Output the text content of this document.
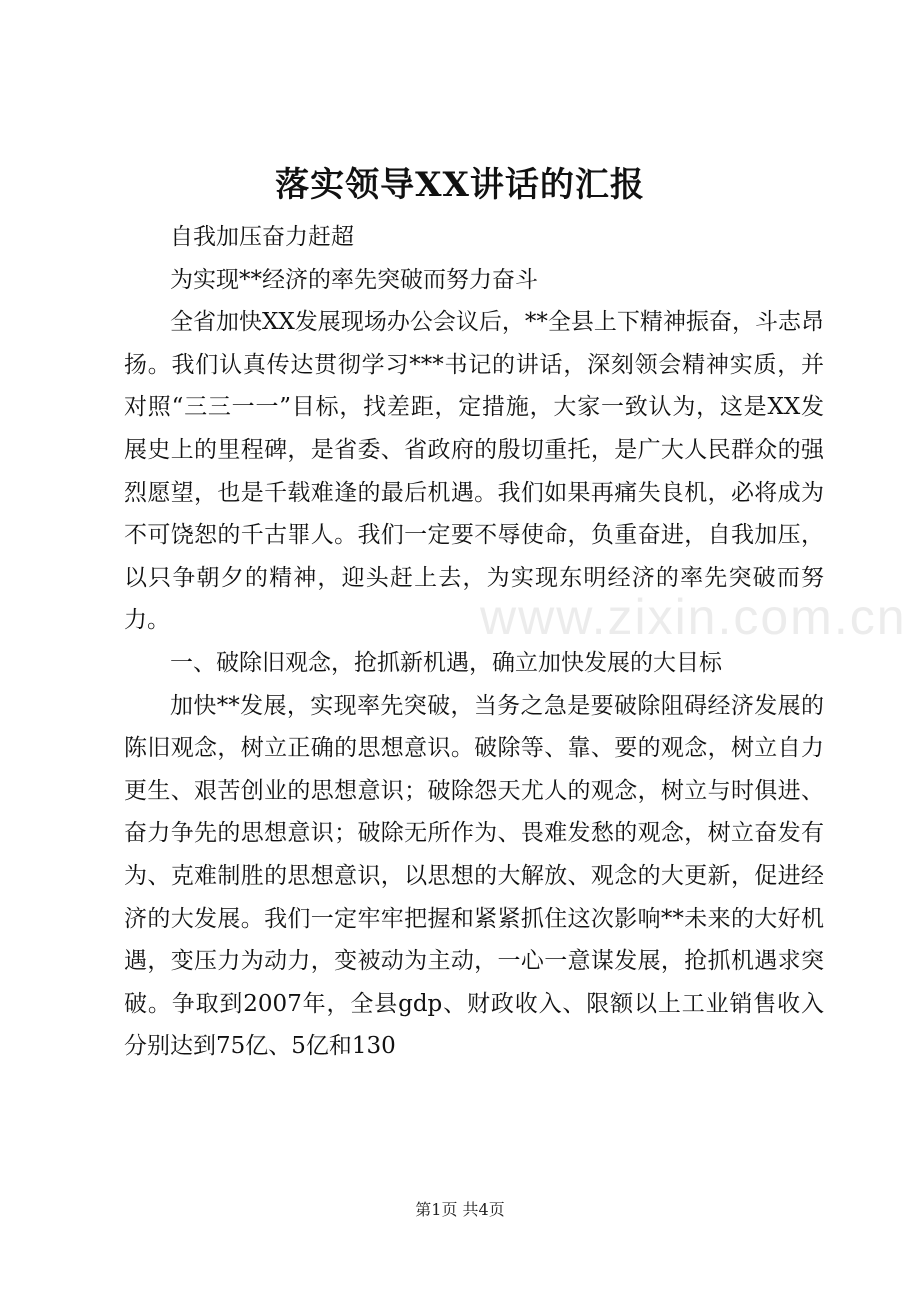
落实领导XX讲话的汇报

自我加压奋力赶超

为实现**经济的率先突破而努力奋斗

全省加快XX发展现场办公会议后，**全县上下精神振奋，斗志昂扬。我们认真传达贯彻学习***书记的讲话，深刻领会精神实质，并对照“三三一一”目标，找差距，定措施，大家一致认为，这是XX发展史上的里程碑，是省委、省政府的殷切重托，是广大人民群众的强烈愿望，也是千载难逢的最后机遇。我们如果再痛失良机，必将成为不可饶恕的千古罪人。我们一定要不辱使命，负重奋进，自我加压，以只争朝夕的精神，迎头赶上去，为实现东明经济的率先突破而努力。

一、破除旧观念，抢抓新机遇，确立加快发展的大目标

加快**发展，实现率先突破，当务之急是要破除阻碍经济发展的陈旧观念，树立正确的思想意识。破除等、靠、要的观念，树立自力更生、艰苦创业的思想意识；破除怨天尤人的观念，树立与时俱进、奋力争先的思想意识；破除无所作为、畏难发愁的观念，树立奋发有为、克难制胜的思想意识，以思想的大解放、观念的大更新，促进经济的大发展。我们一定牢牢把握和紧紧抓住这次影响**未来的大好机遇，变压力为动力，变被动为主动，一心一意谋发展，抢抓机遇求突破。争取到2007年，全县gdp、财政收入、限额以上工业销售收入分别达到75亿、5亿和130

www.zixin.com.cn
第1页 共4页
